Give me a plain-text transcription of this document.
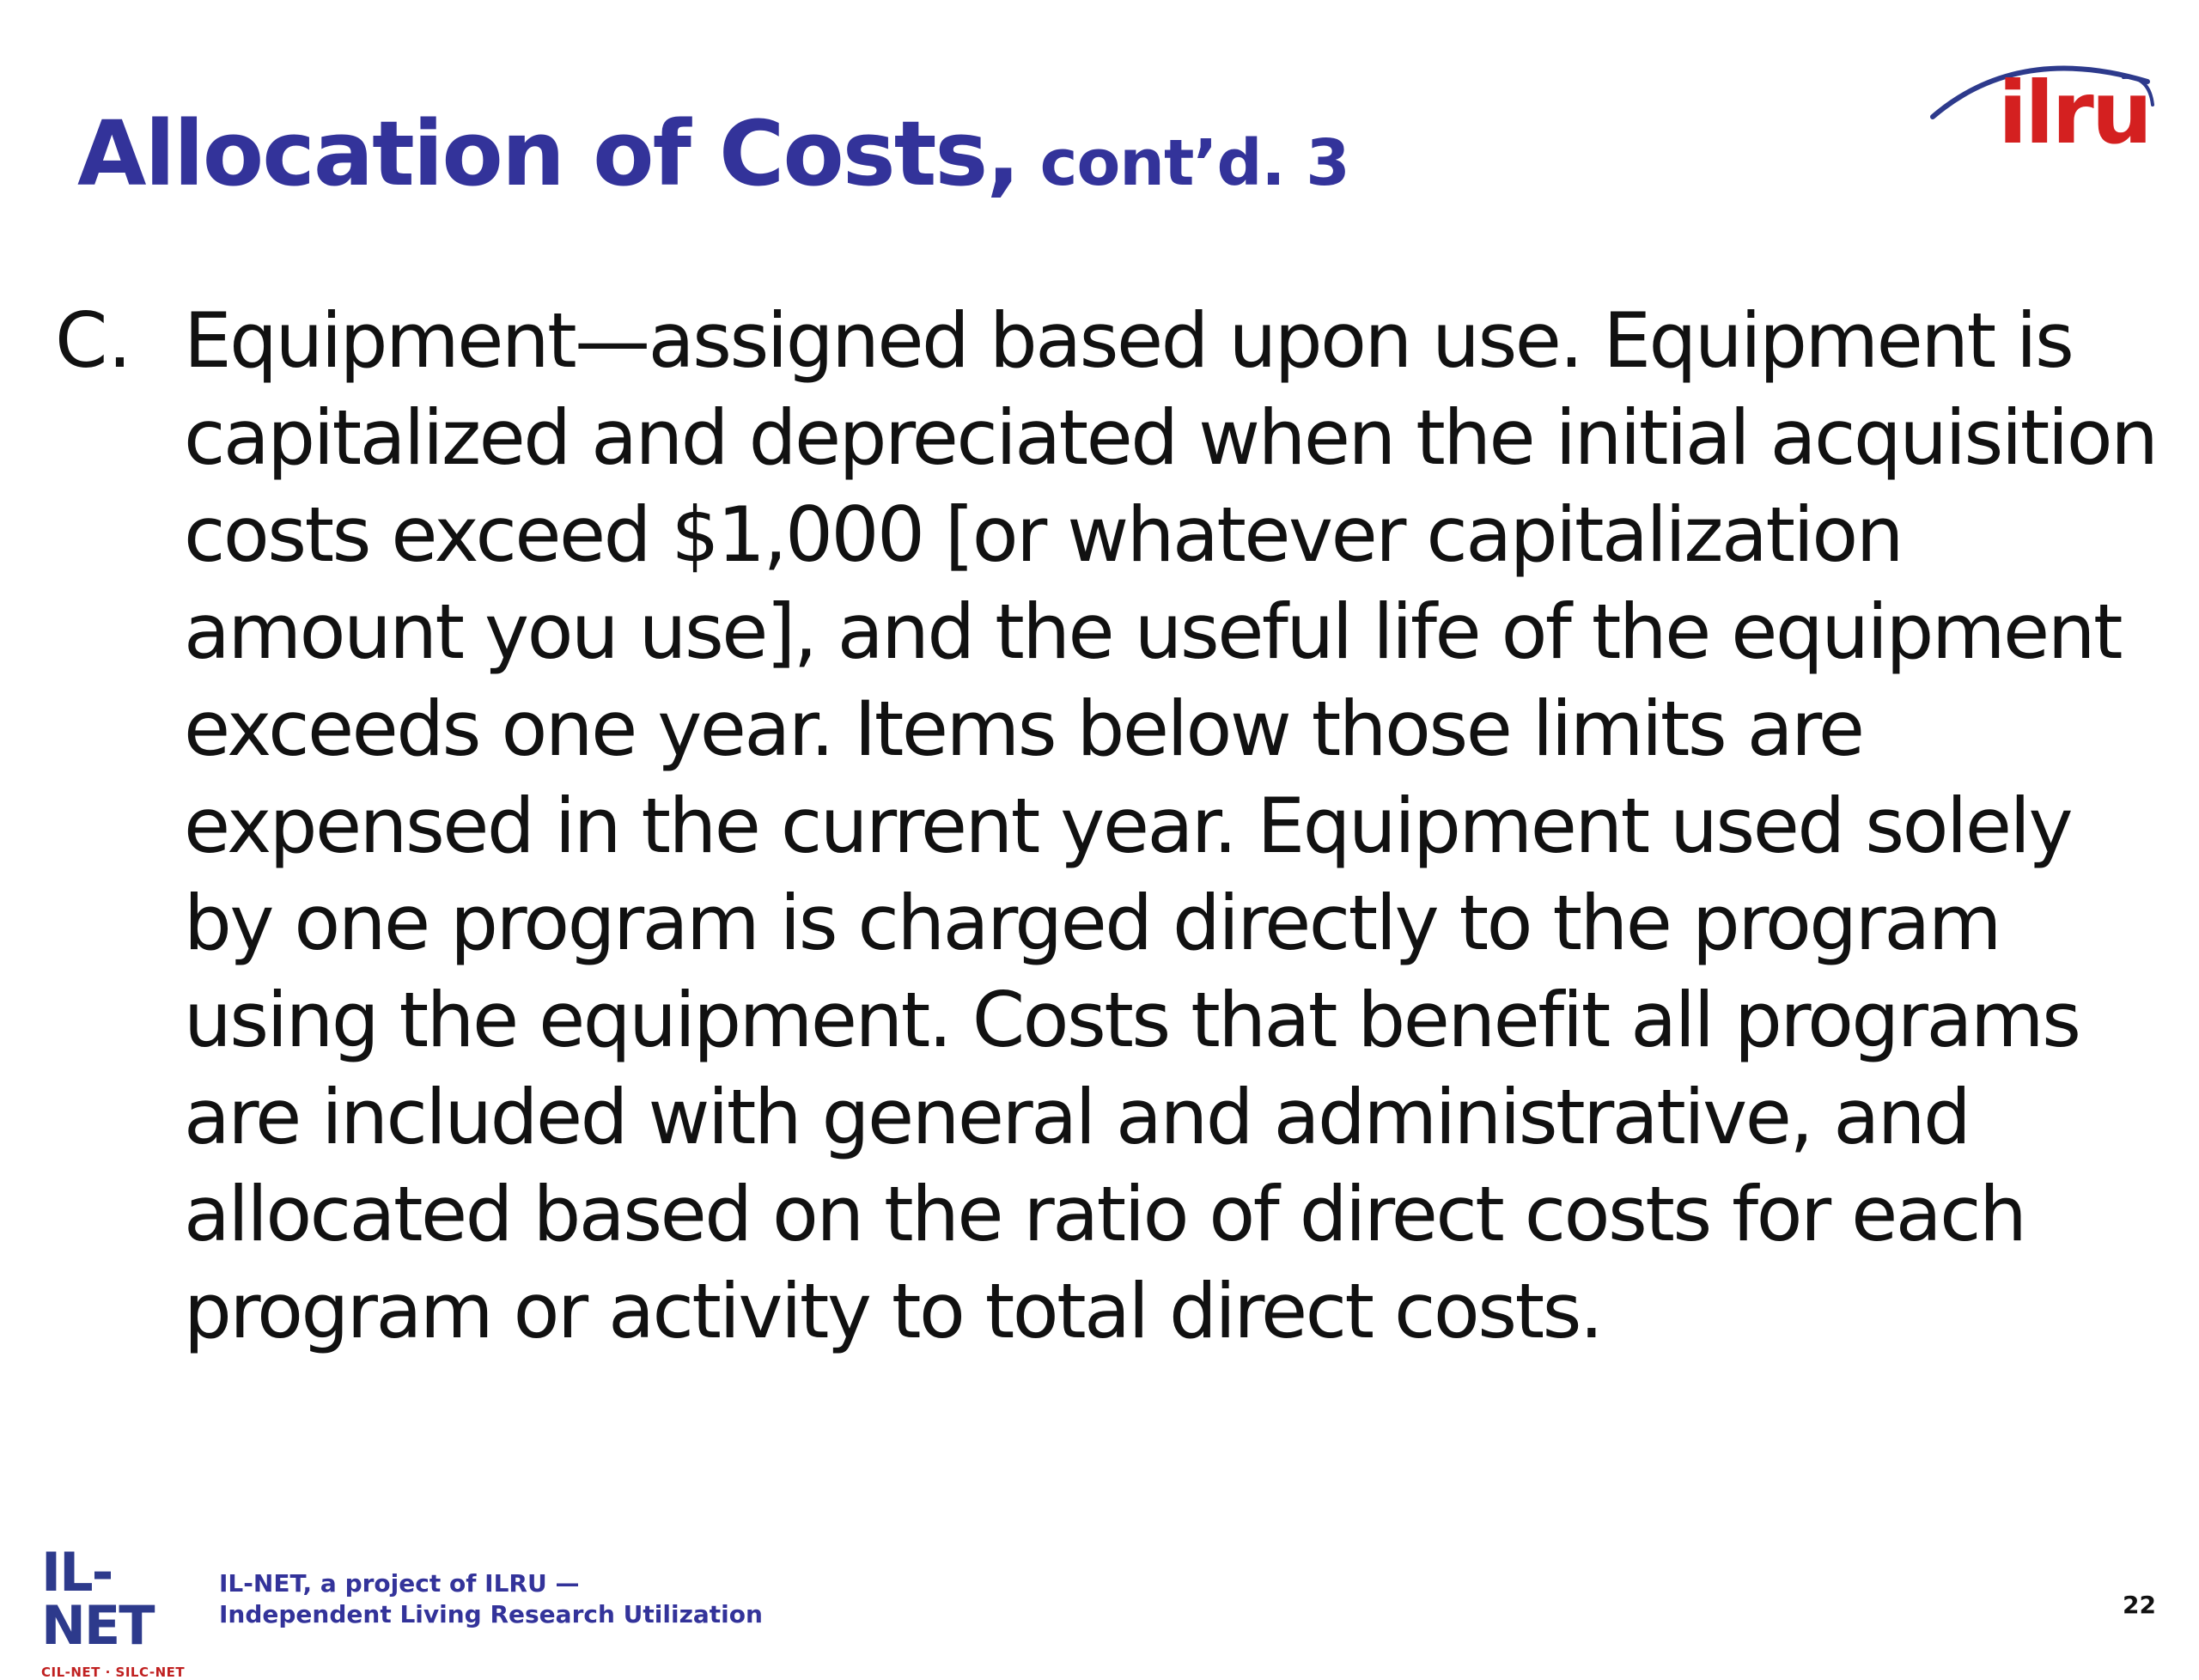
Allocation of Costs, cont’d. 3	ilru
C. Equipment—assigned based upon use. Equipment is
capitalized and depreciated when the initial acquisition
costs exceed $1,000 [or whatever capitalization
amount you use], and the useful life of the equipment
exceeds one year. Items below those limits are
expensed in the current year. Equipment used solely
by one program is charged directly to the program
using the equipment. Costs that benefit all programs
are included with general and administrative, and
allocated based on the ratio of direct costs for each
program or activity to total direct costs.

IL-NET
CIL-NET · SILC-NET
IL-NET, a project of ILRU —
Independent Living Research Utilization	22
